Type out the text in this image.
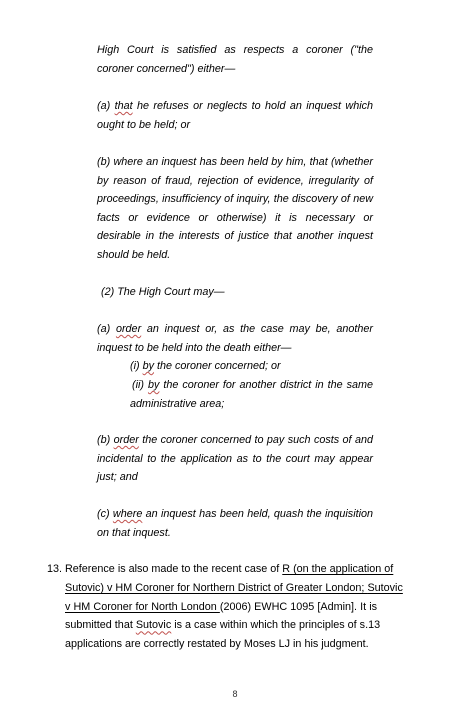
High Court is satisfied as respects a coroner ("the

coroner concerned") either—

(a) that he refuses or neglects to hold an inquest which

ought to be held; or

(b) where an inquest has been held by him, that (whether

by reason of fraud, rejection of evidence, irregularity of

proceedings, insufficiency of inquiry, the discovery of new

facts or evidence or otherwise) it is necessary or

desirable in the interests of justice that another inquest

should be held.

(2) The High Court may—

(a) order an inquest or, as the case may be, another

inquest to be held into the death either—

(i) by the coroner concerned; or
(ii) by the coroner for another district in the same
administrative area;

(b) order the coroner concerned to pay such costs of and

incidental to the application as to the court may appear

just; and

(c) where an inquest has been held, quash the inquisition

on that inquest.

13. Reference is also made to the recent case of R (on the application of
Sutovic) v HM Coroner for Northern District of Greater London; Sutovic
v HM Coroner for North London (2006) EWHC 1095 [Admin]. It is
submitted that Sutovic is a case within which the principles of s.13
applications are correctly restated by Moses LJ in his judgment.
8
